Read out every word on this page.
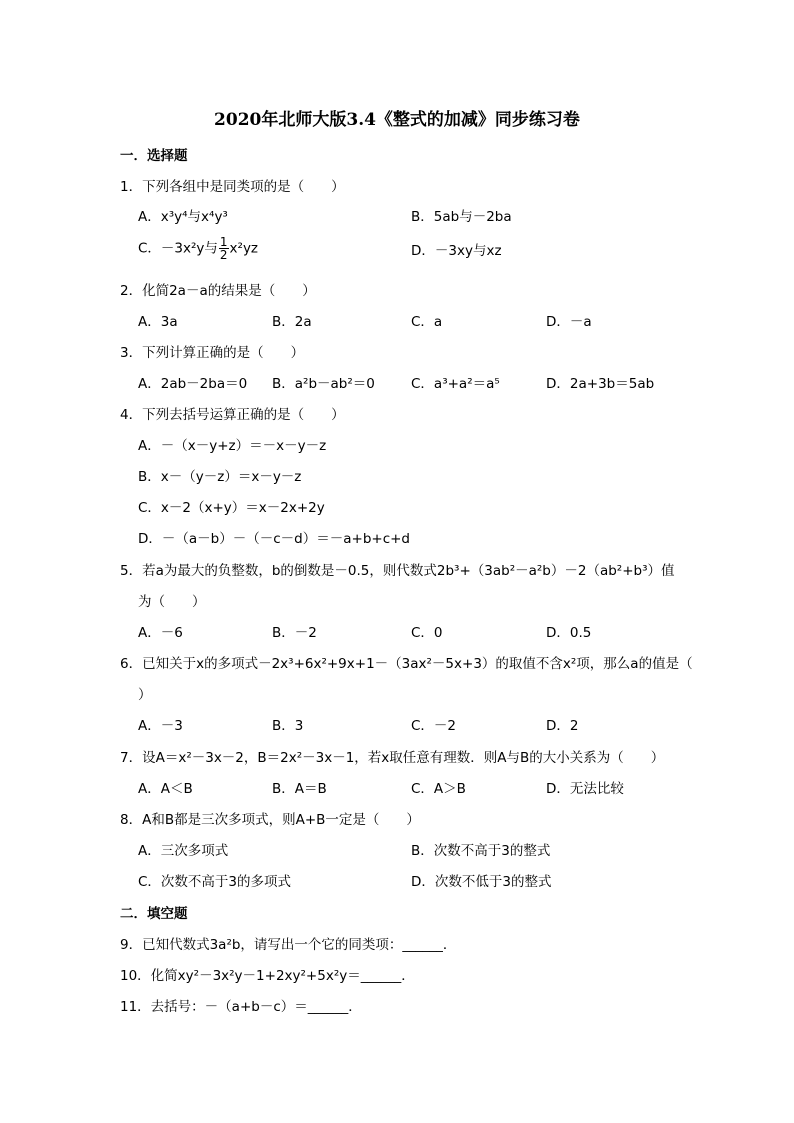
2020年北师大版3.4《整式的加减》同步练习卷
一．选择题
1．下列各组中是同类项的是（　　）
A．x³y⁴与x⁴y³	B．5ab与－2ba
C．－3x²y与 $\frac{1}{2} x^2yz$	D．－3xy与xz
2．化简2a－a的结果是（　　）
A．3a	B．2a	C．a	D．－a
3．下列计算正确的是（　　）
A．2ab－2ba＝0 B．a²b－ab²＝0	C．a³+a²＝a⁵	D．2a+3b＝5ab
4．下列去括号运算正确的是（　　）
A．－（x－y+z）＝－x－y－z
B．x－（y－z）＝x－y－z
C．x－2（x+y）＝x－2x+2y
D．－（a－b）－（－c－d）＝－a+b+c+d
5．若a为最大的负整数，b的倒数是－0.5，则代数式2b³+（3ab²－a²b）－2（ab²+b³）值
为（　　）
A．－6	B．－2	C．0	D．0.5
6．已知关于x的多项式－2x³+6x²+9x+1－（3ax²－5x+3）的取值不含x²项，那么a的值是（
）
A．－3	B．3	C．－2	D．2
7．设A＝x²－3x－2，B＝2x²－3x－1，若x取任意有理数．则A与B的大小关系为（　　）
A．A＜B	B．A＝B	C．A＞B	D．无法比较
8．A和B都是三次多项式，则A+B一定是（　　）
A．三次多项式	B．次数不高于3的整式
C．次数不高于3的多项式	D．次数不低于3的整式
二．填空题
9．已知代数式3a²b，请写出一个它的同类项：______．
10．化简xy²－3x²y－1+2xy²+5x²y＝______．
11．去括号：－（a+b－c）＝______．
